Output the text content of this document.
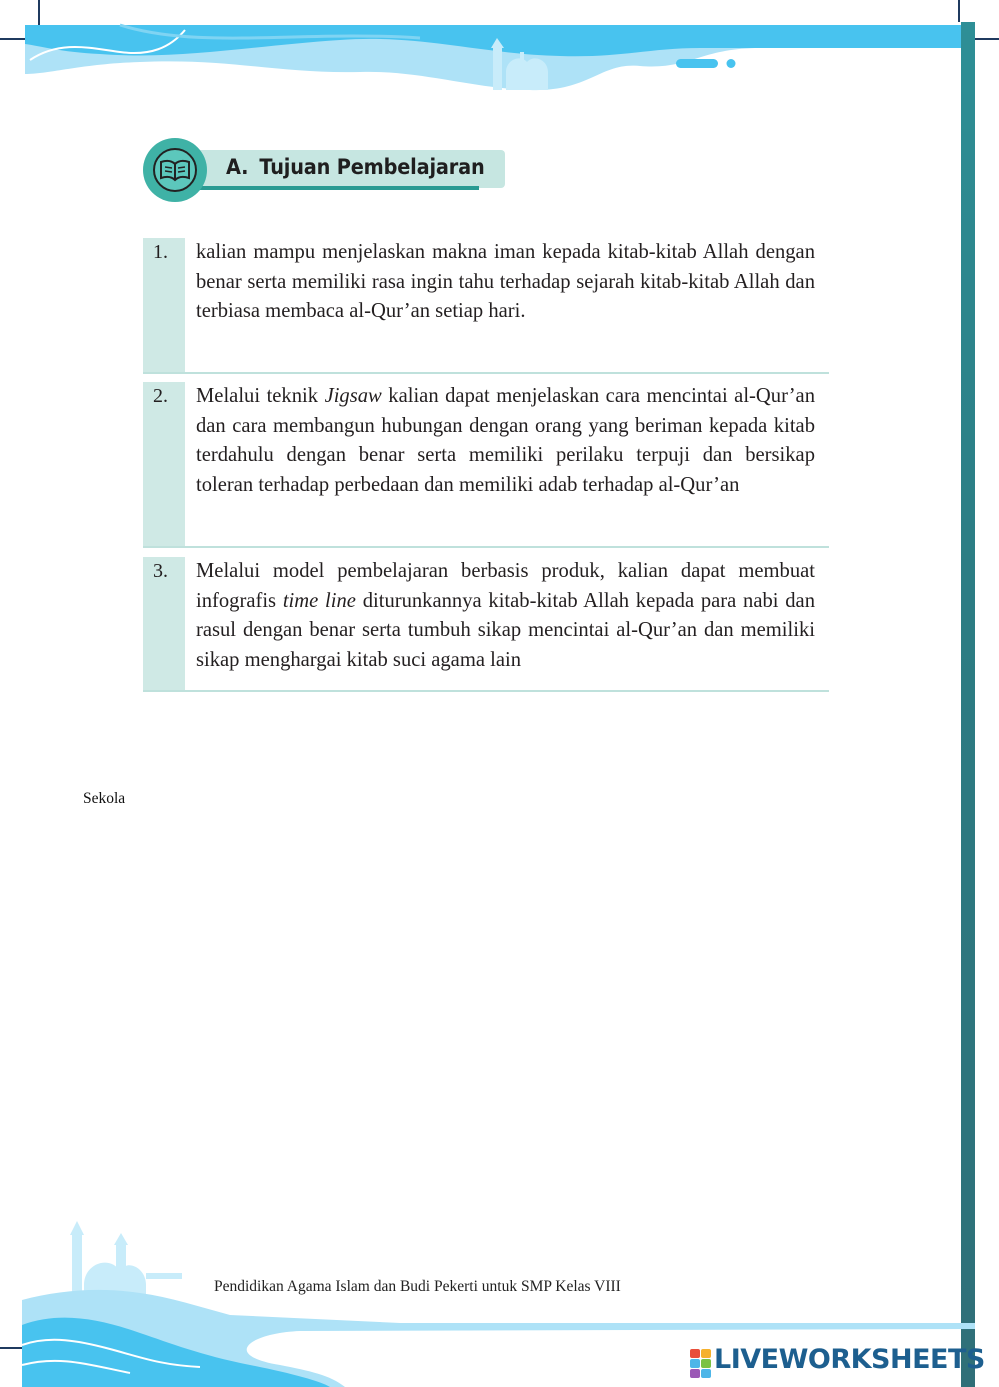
A. Tujuan Pembelajaran
1. kalian mampu menjelaskan makna iman kepada kitab-kitab Allah dengan benar serta memiliki rasa ingin tahu terhadap sejarah kitab-kitab Allah dan terbiasa membaca al-Qur’an setiap hari.
2. Melalui teknik Jigsaw kalian dapat menjelaskan cara mencintai al-Qur’an dan cara membangun hubungan dengan orang yang beriman kepada kitab terdahulu dengan benar serta memiliki perilaku terpuji dan bersikap toleran terhadap perbedaan dan memiliki adab terhadap al-Qur’an
3. Melalui model pembelajaran berbasis produk, kalian dapat membuat infografis time line diturunkannya kitab-kitab Allah kepada para nabi dan rasul dengan benar serta tumbuh sikap mencintai al-Qur’an dan memiliki sikap menghargai kitab suci agama lain
Sekola
Pendidikan Agama Islam dan Budi Pekerti untuk SMP Kelas VIII
LIVEWORKSHEETS
